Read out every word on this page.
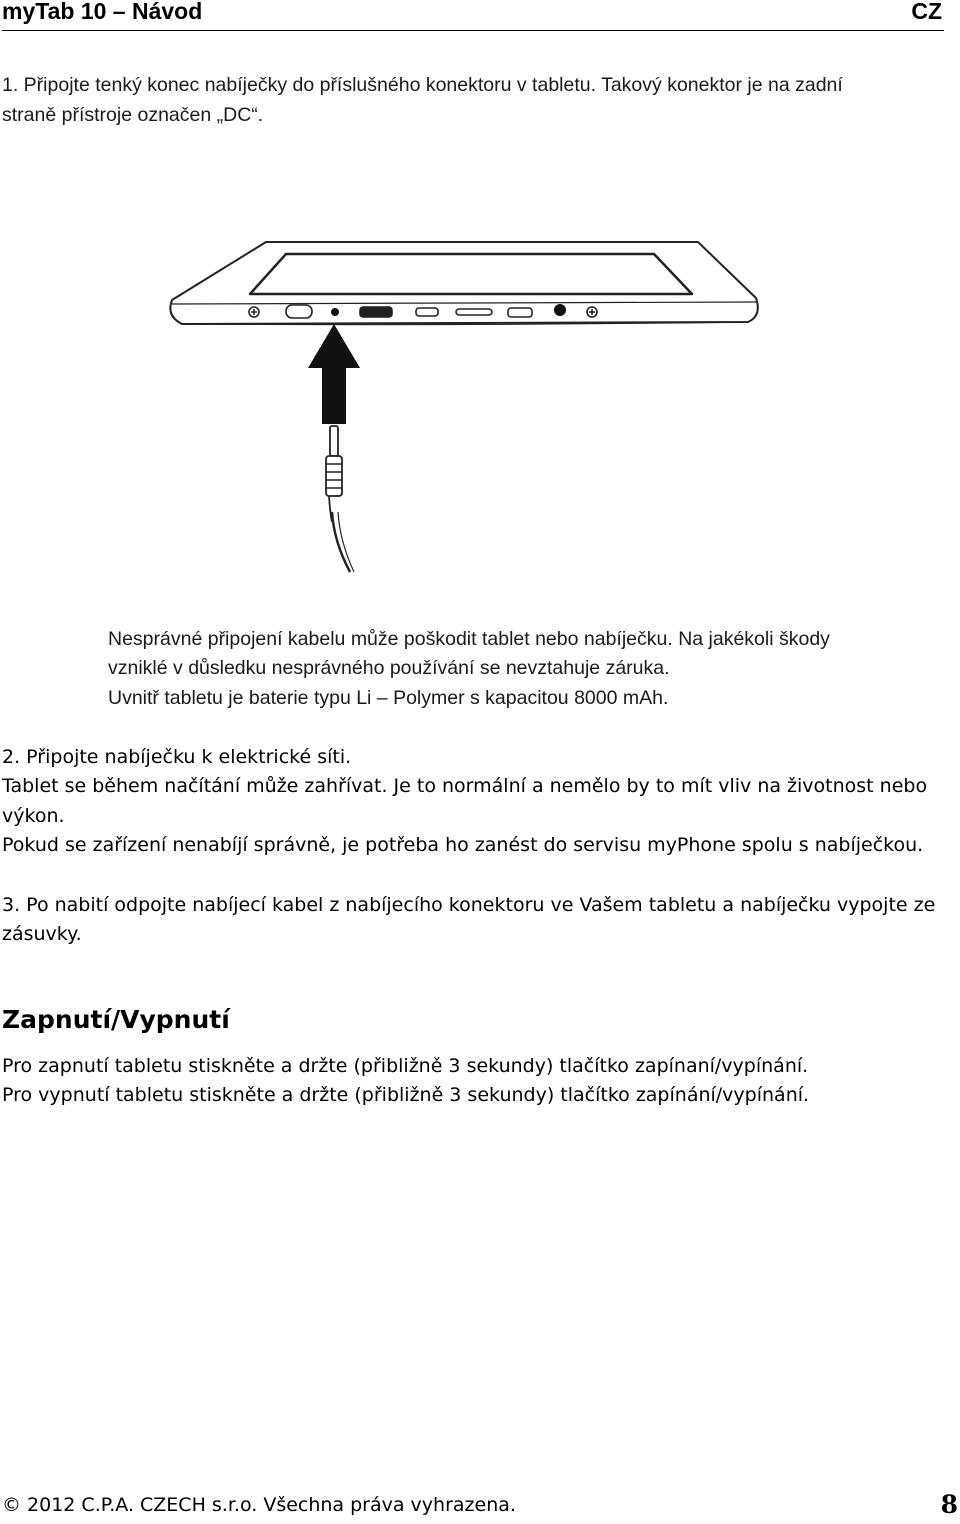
myTab 10 – Návod	CZ
1. Připojte tenký konec nabíječky do příslušného konektoru v tabletu. Takový konektor je na zadní
straně přístroje označen „DC“.
Nesprávné připojení kabelu může poškodit tablet nebo nabíječku. Na jakékoli škody
vzniklé v důsledku nesprávného používání se nevztahuje záruka.
Uvnitř tabletu je baterie typu Li – Polymer s kapacitou 8000 mAh.
2. Připojte nabíječku k elektrické síti.
Tablet se během načítání může zahřívat. Je to normální a nemělo by to mít vliv na životnost nebo
výkon.
Pokud se zařízení nenabíjí správně, je potřeba ho zanést do servisu myPhone spolu s nabíječkou.
3. Po nabití odpojte nabíjecí kabel z nabíjecího konektoru ve Vašem tabletu a nabíječku vypojte ze
zásuvky.
Zapnutí/Vypnutí
Pro zapnutí tabletu stiskněte a držte (přibližně 3 sekundy) tlačítko zapínaní/vypínání.
Pro vypnutí tabletu stiskněte a držte (přibližně 3 sekundy) tlačítko zapínání/vypínání.
© 2012 C.P.A. CZECH s.r.o. Všechna práva vyhrazena.	8
